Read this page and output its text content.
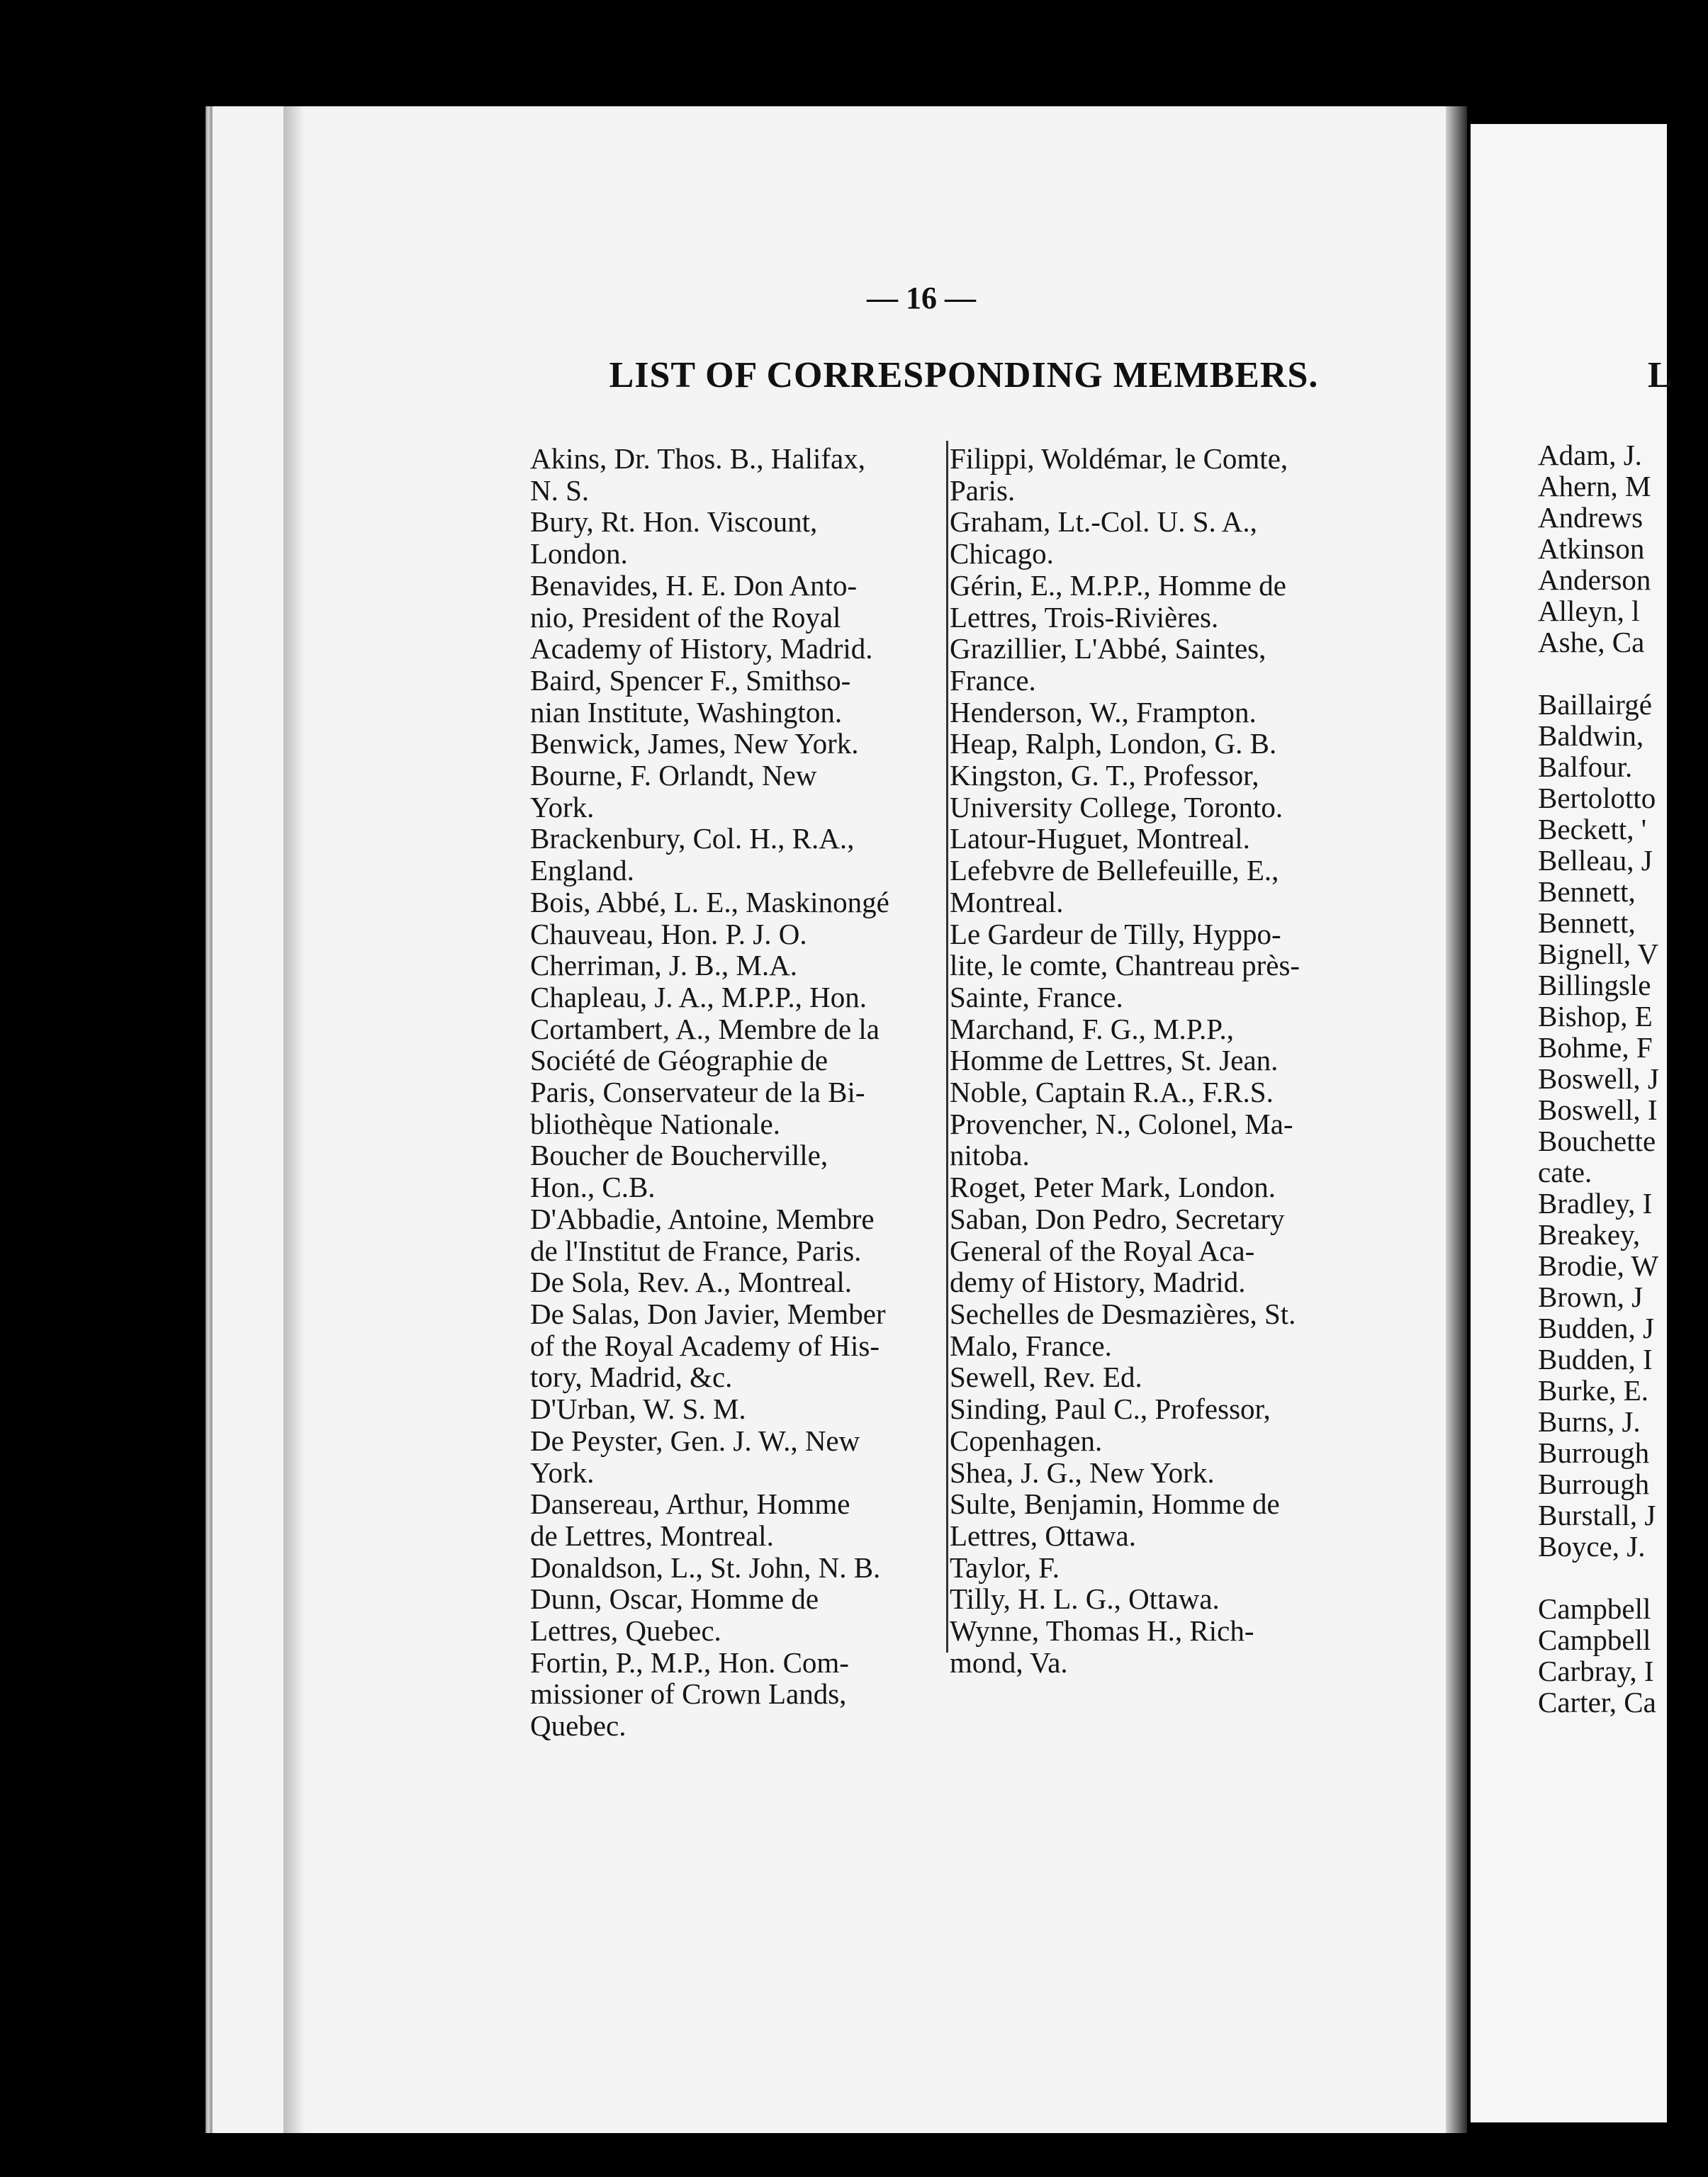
— 16 —
LIST OF CORRESPONDING MEMBERS.
Akins, Dr. Thos. B., Halifax,
N. S.
Bury, Rt. Hon. Viscount,
London.
Benavides, H. E. Don Anto-
nio, President of the Royal
Academy of History, Madrid.
Baird, Spencer F., Smithso-
nian Institute, Washington.
Benwick, James, New York.
Bourne, F. Orlandt, New
York.
Brackenbury, Col. H., R.A.,
England.
Bois, Abbé, L. E., Maskinongé
Chauveau, Hon. P. J. O.
Cherriman, J. B., M.A.
Chapleau, J. A., M.P.P., Hon.
Cortambert, A., Membre de la
Société de Géographie de
Paris, Conservateur de la Bi-
bliothèque Nationale.
Boucher de Boucherville,
Hon., C.B.
D'Abbadie, Antoine, Membre
de l'Institut de France, Paris.
De Sola, Rev. A., Montreal.
De Salas, Don Javier, Member
of the Royal Academy of His-
tory, Madrid, &c.
D'Urban, W. S. M.
De Peyster, Gen. J. W., New
York.
Dansereau, Arthur, Homme
de Lettres, Montreal.
Donaldson, L., St. John, N. B.
Dunn, Oscar, Homme de
Lettres, Quebec.
Fortin, P., M.P., Hon. Com-
missioner of Crown Lands,
Quebec.
Filippi, Woldémar, le Comte,
Paris.
Graham, Lt.-Col. U. S. A.,
Chicago.
Gérin, E., M.P.P., Homme de
Lettres, Trois-Rivières.
Grazillier, L'Abbé, Saintes,
France.
Henderson, W., Frampton.
Heap, Ralph, London, G. B.
Kingston, G. T., Professor,
University College, Toronto.
Latour-Huguet, Montreal.
Lefebvre de Bellefeuille, E.,
Montreal.
Le Gardeur de Tilly, Hyppo-
lite, le comte, Chantreau près-
Sainte, France.
Marchand, F. G., M.P.P.,
Homme de Lettres, St. Jean.
Noble, Captain R.A., F.R.S.
Provencher, N., Colonel, Ma-
nitoba.
Roget, Peter Mark, London.
Saban, Don Pedro, Secretary
General of the Royal Aca-
demy of History, Madrid.
Sechelles de Desmazières, St.
Malo, France.
Sewell, Rev. Ed.
Sinding, Paul C., Professor,
Copenhagen.
Shea, J. G., New York.
Sulte, Benjamin, Homme de
Lettres, Ottawa.
Taylor, F.
Tilly, H. L. G., Ottawa.
Wynne, Thomas H., Rich-
mond, Va.
L
Adam, J.
Ahern, M
Andrews
Atkinson
Anderson
Alleyn, l
Ashe, Ca

Baillairgé
Baldwin,
Balfour.
Bertolotto
Beckett, '
Belleau, J
Bennett,
Bennett,
Bignell, V
Billingsle
Bishop, E
Bohme, F
Boswell, J
Boswell, I
Bouchette
cate.
Bradley, I
Breakey,
Brodie, W
Brown, J
Budden, J
Budden, I
Burke, E.
Burns, J.
Burrough
Burrough
Burstall, J
Boyce, J.

Campbell
Campbell
Carbray, I
Carter, Ca
